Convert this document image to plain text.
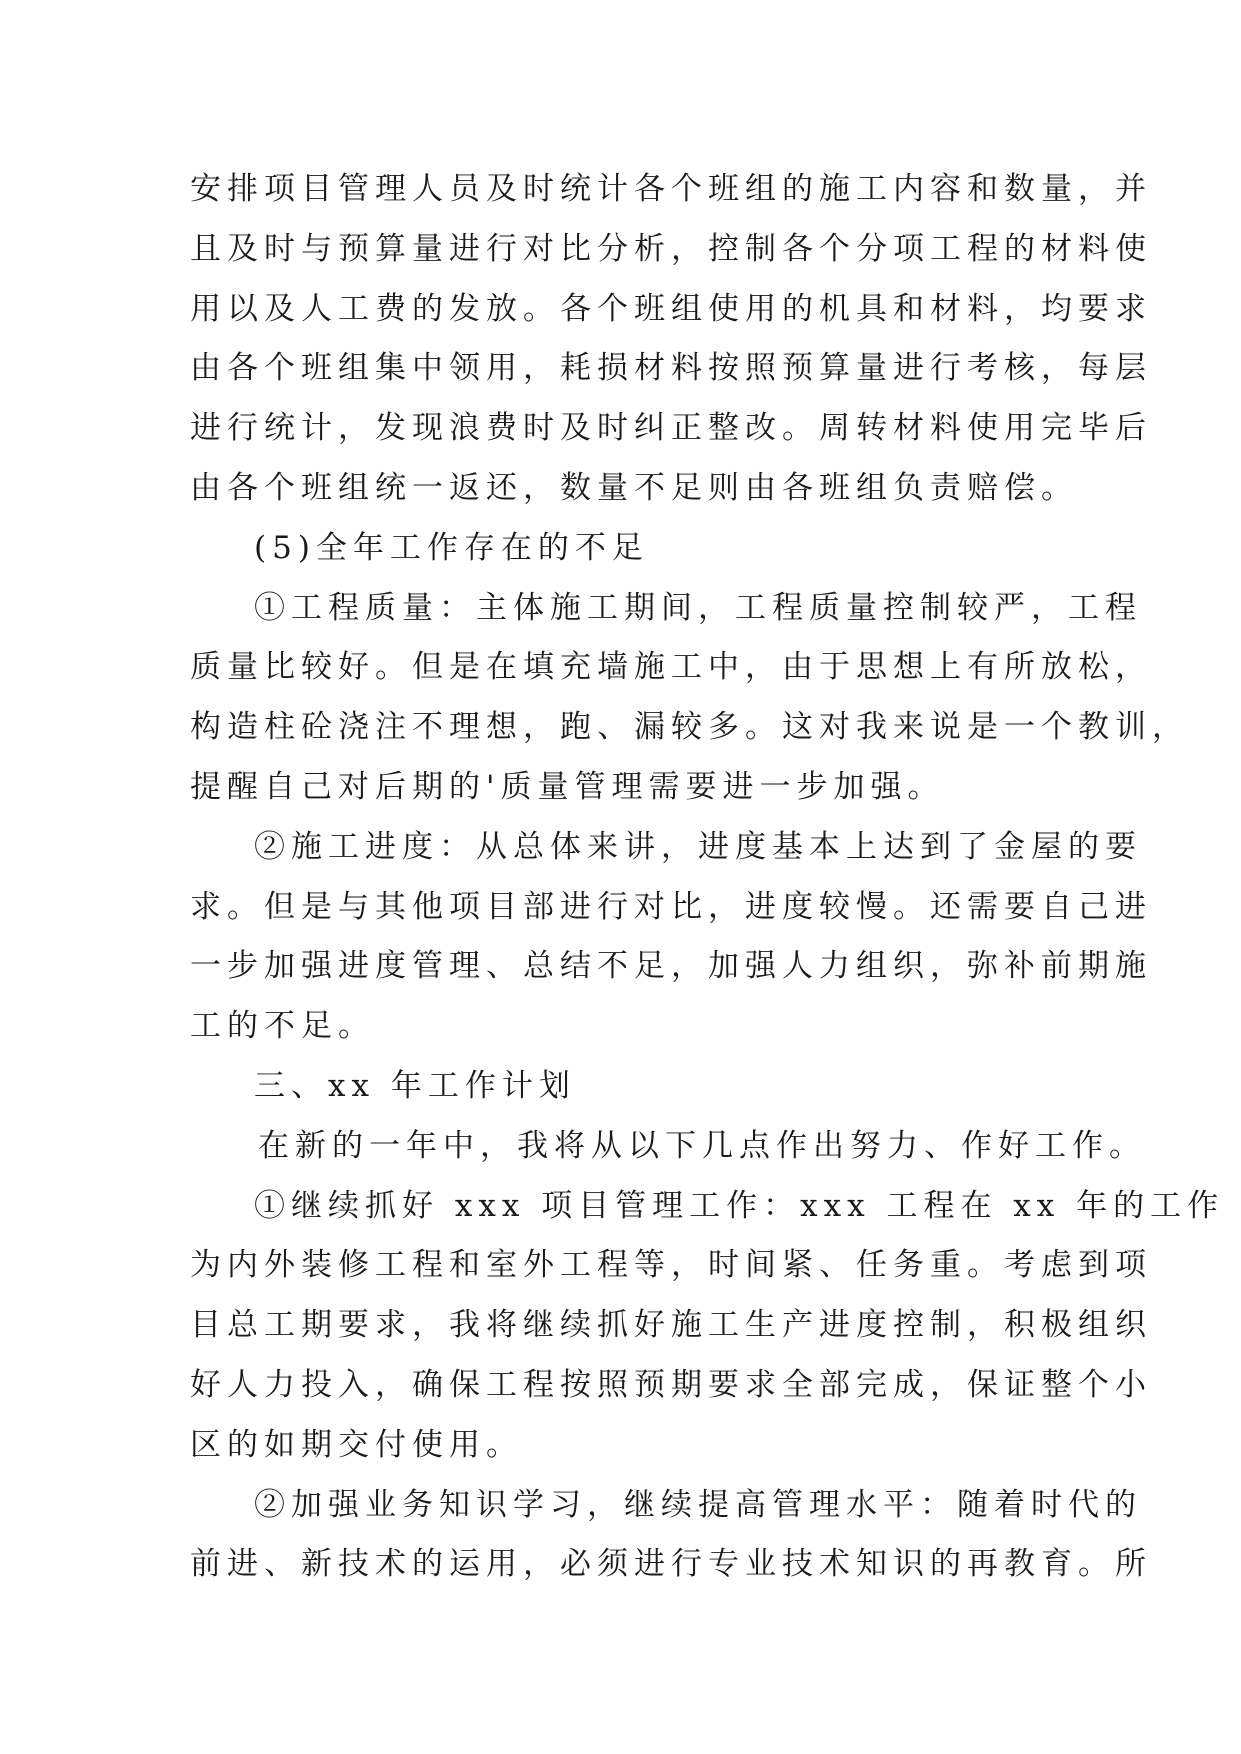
安排项目管理人员及时统计各个班组的施工内容和数量，并
且及时与预算量进行对比分析，控制各个分项工程的材料使
用以及人工费的发放。各个班组使用的机具和材料，均要求
由各个班组集中领用，耗损材料按照预算量进行考核，每层
进行统计，发现浪费时及时纠正整改。周转材料使用完毕后
由各个班组统一返还，数量不足则由各班组负责赔偿。
(5)全年工作存在的不足
①工程质量：主体施工期间，工程质量控制较严，工程
质量比较好。但是在填充墙施工中，由于思想上有所放松，
构造柱砼浇注不理想，跑、漏较多。这对我来说是一个教训，
提醒自己对后期的'质量管理需要进一步加强。
②施工进度：从总体来讲，进度基本上达到了金屋的要
求。但是与其他项目部进行对比，进度较慢。还需要自己进
一步加强进度管理、总结不足，加强人力组织，弥补前期施
工的不足。
三、xx 年工作计划
在新的一年中，我将从以下几点作出努力、作好工作。
①继续抓好 xxx 项目管理工作：xxx 工程在 xx 年的工作
为内外装修工程和室外工程等，时间紧、任务重。考虑到项
目总工期要求，我将继续抓好施工生产进度控制，积极组织
好人力投入，确保工程按照预期要求全部完成，保证整个小
区的如期交付使用。
②加强业务知识学习，继续提高管理水平：随着时代的
前进、新技术的运用，必须进行专业技术知识的再教育。所
